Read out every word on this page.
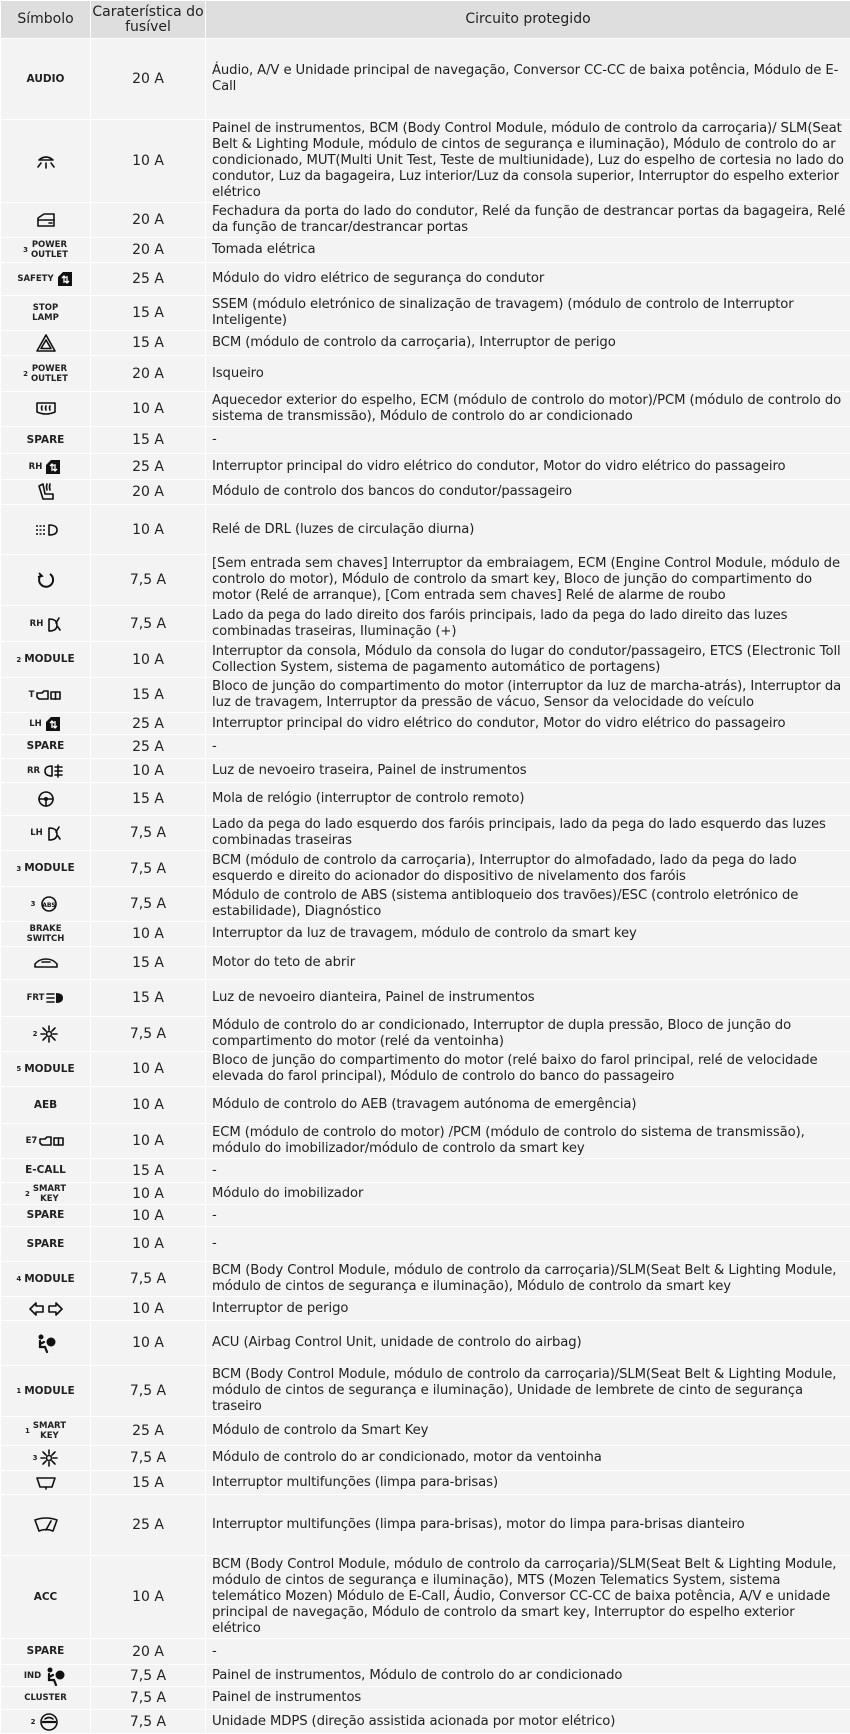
Símbolo	Caraterística do fusível	Circuito protegido

AUDIO	20 A	Áudio, A/V e Unidade principal de navegação, Conversor CC-CC de baixa potência, Módulo de E-Call

	10 A	Painel de instrumentos, BCM (Body Control Module, módulo de controlo da carroçaria)/ SLM(Seat Belt & Lighting Module, módulo de cintos de segurança e iluminação), Módulo de controlo do ar condicionado, MUT(Multi Unit Test, Teste de multiunidade), Luz do espelho de cortesia no lado do condutor, Luz da bagageira, Luz interior/Luz da consola superior, Interruptor do espelho exterior elétrico

	20 A	Fechadura da porta do lado do condutor, Relé da função de destrancar portas da bagageira, Relé da função de trancar/destrancar portas

3 POWER
OUTLET	20 A	Tomada elétrica

SAFETY	25 A	Módulo do vidro elétrico de segurança do condutor

STOP
LAMP	15 A	SSEM (módulo eletrónico de sinalização de travagem) (módulo de controlo de Interruptor Inteligente)

	15 A	BCM (módulo de controlo da carroçaria), Interruptor de perigo

2 POWER
OUTLET	20 A	Isqueiro

	10 A	Aquecedor exterior do espelho, ECM (módulo de controlo do motor)/PCM (módulo de controlo do sistema de transmissão), Módulo de controlo do ar condicionado

SPARE	15 A	-

RH	25 A	Interruptor principal do vidro elétrico do condutor, Motor do vidro elétrico do passageiro

	20 A	Módulo de controlo dos bancos do condutor/passageiro

	10 A	Relé de DRL (luzes de circulação diurna)

	7,5 A	[Sem entrada sem chaves] Interruptor da embraiagem, ECM (Engine Control Module, módulo de controlo do motor), Módulo de controlo da smart key, Bloco de junção do compartimento do motor (Relé de arranque), [Com entrada sem chaves] Relé de alarme de roubo

RH	7,5 A	Lado da pega do lado direito dos faróis principais, lado da pega do lado direito das luzes combinadas traseiras, Iluminação (+)

2 MODULE	10 A	Interruptor da consola, Módulo da consola do lugar do condutor/passageiro, ETCS (Electronic Toll Collection System, sistema de pagamento automático de portagens)

T	15 A	Bloco de junção do compartimento do motor (interruptor da luz de marcha-atrás), Interruptor da luz de travagem, Interruptor da pressão de vácuo, Sensor da velocidade do veículo

LH	25 A	Interruptor principal do vidro elétrico do condutor, Motor do vidro elétrico do passageiro

SPARE	25 A	-

RR	10 A	Luz de nevoeiro traseira, Painel de instrumentos

	15 A	Mola de relógio (interruptor de controlo remoto)

LH	7,5 A	Lado da pega do lado esquerdo dos faróis principais, lado da pega do lado esquerdo das luzes combinadas traseiras

3 MODULE	7,5 A	BCM (módulo de controlo da carroçaria), Interruptor do almofadado, lado da pega do lado esquerdo e direito do acionador do dispositivo de nivelamento dos faróis

3 ABS	7,5 A	Módulo de controlo de ABS (sistema antibloqueio dos travões)/ESC (controlo eletrónico de estabilidade), Diagnóstico

BRAKE
SWITCH	10 A	Interruptor da luz de travagem, módulo de controlo da smart key

	15 A	Motor do teto de abrir

FRT	15 A	Luz de nevoeiro dianteira, Painel de instrumentos

2	7,5 A	Módulo de controlo do ar condicionado, Interruptor de dupla pressão, Bloco de junção do compartimento do motor (relé da ventoinha)

5 MODULE	10 A	Bloco de junção do compartimento do motor (relé baixo do farol principal, relé de velocidade elevada do farol principal), Módulo de controlo do banco do passageiro

AEB	10 A	Módulo de controlo do AEB (travagem autónoma de emergência)

E7	10 A	ECM (módulo de controlo do motor) /PCM (módulo de controlo do sistema de transmissão), módulo do imobilizador/módulo de controlo da smart key

E-CALL	15 A	-

2 SMART
KEY	10 A	Módulo do imobilizador

SPARE	10 A	-

SPARE	10 A	-

4 MODULE	7,5 A	BCM (Body Control Module, módulo de controlo da carroçaria)/SLM(Seat Belt & Lighting Module, módulo de cintos de segurança e iluminação), Módulo de controlo da smart key

	10 A	Interruptor de perigo

	10 A	ACU (Airbag Control Unit, unidade de controlo do airbag)

1 MODULE	7,5 A	BCM (Body Control Module, módulo de controlo da carroçaria)/SLM(Seat Belt & Lighting Module, módulo de cintos de segurança e iluminação), Unidade de lembrete de cinto de segurança traseiro

1 SMART
KEY	25 A	Módulo de controlo da Smart Key

3	7,5 A	Módulo de controlo do ar condicionado, motor da ventoinha

	15 A	Interruptor multifunções (limpa para-brisas)

	25 A	Interruptor multifunções (limpa para-brisas), motor do limpa para-brisas dianteiro

ACC	10 A	BCM (Body Control Module, módulo de controlo da carroçaria)/SLM(Seat Belt & Lighting Module, módulo de cintos de segurança e iluminação), MTS (Mozen Telematics System, sistema telemático Mozen) Módulo de E-Call, Áudio, Conversor CC-CC de baixa potência, A/V e unidade principal de navegação, Módulo de controlo da smart key, Interruptor do espelho exterior elétrico

SPARE	20 A	-

IND	7,5 A	Painel de instrumentos, Módulo de controlo do ar condicionado

CLUSTER	7,5 A	Painel de instrumentos

2	7,5 A	Unidade MDPS (direção assistida acionada por motor elétrico)
